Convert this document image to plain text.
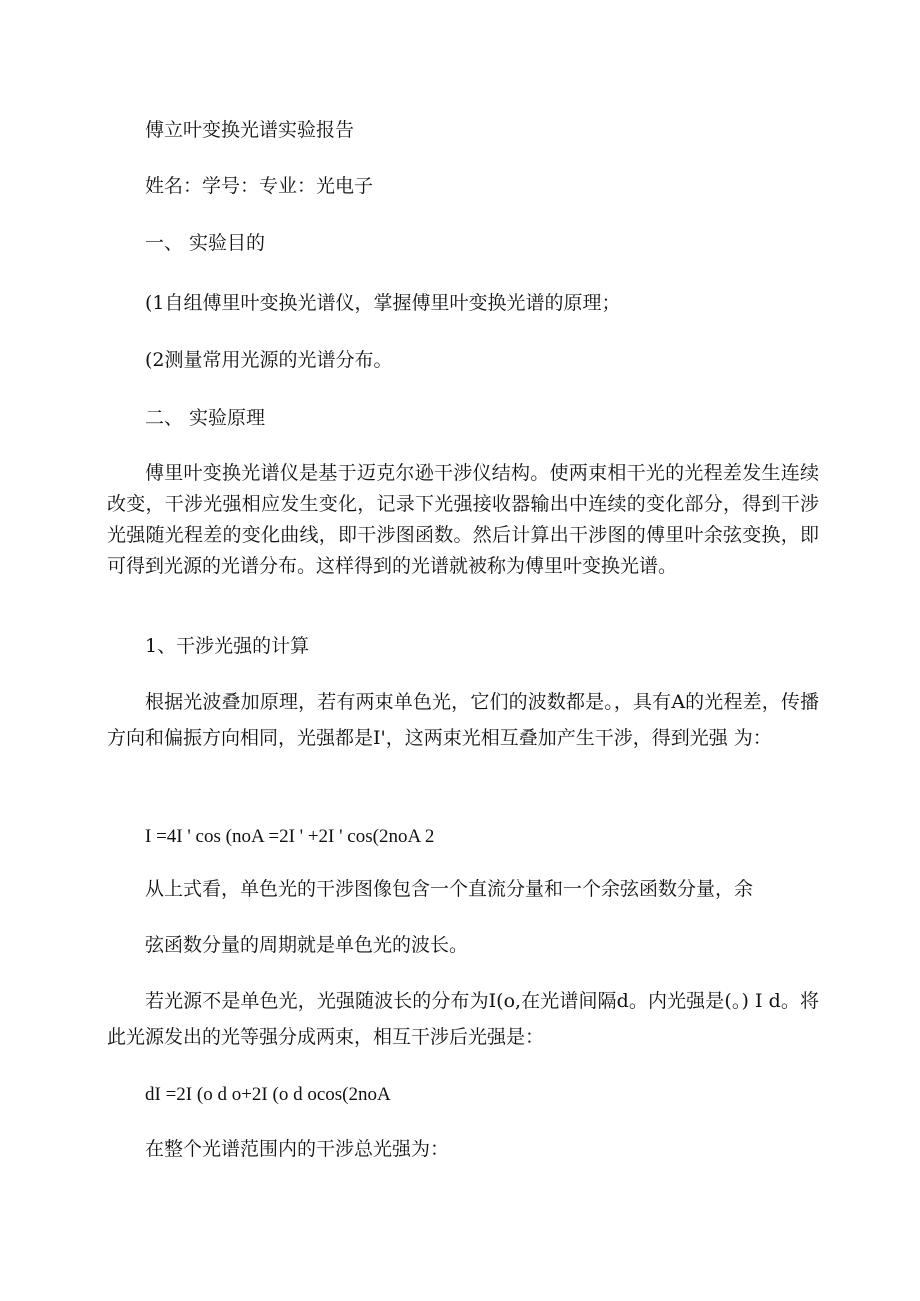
傅立叶变换光谱实验报告
姓名：学号：专业：光电子
一、 实验目的
(1自组傅里叶变换光谱仪，掌握傅里叶变换光谱的原理；
(2测量常用光源的光谱分布。
二、 实验原理
傅里叶变换光谱仪是基于迈克尔逊干涉仪结构。使两束相干光的光程差发生连续改变，干涉光强相应发生变化，记录下光强接收器输出中连续的变化部分，得到干涉光强随光程差的变化曲线，即干涉图函数。然后计算出干涉图的傅里叶余弦变换，即可得到光源的光谱分布。这样得到的光谱就被称为傅里叶变换光谱。
1、干涉光强的计算
根据光波叠加原理，若有两束单色光，它们的波数都是。，具有A的光程差，传播方向和偏振方向相同，光强都是I'，这两束光相互叠加产生干涉，得到光强 为：
I =4I ' cos (noA =2I ' +2I ' cos(2noA 2
从上式看，单色光的干涉图像包含一个直流分量和一个余弦函数分量，余
弦函数分量的周期就是单色光的波长。
若光源不是单色光，光强随波长的分布为I(o,在光谱间隔d。内光强是(。) I d。将此光源发出的光等强分成两束，相互干涉后光强是：
dI =2I (o d o+2I (o d ocos(2noA
在整个光谱范围内的干涉总光强为：
